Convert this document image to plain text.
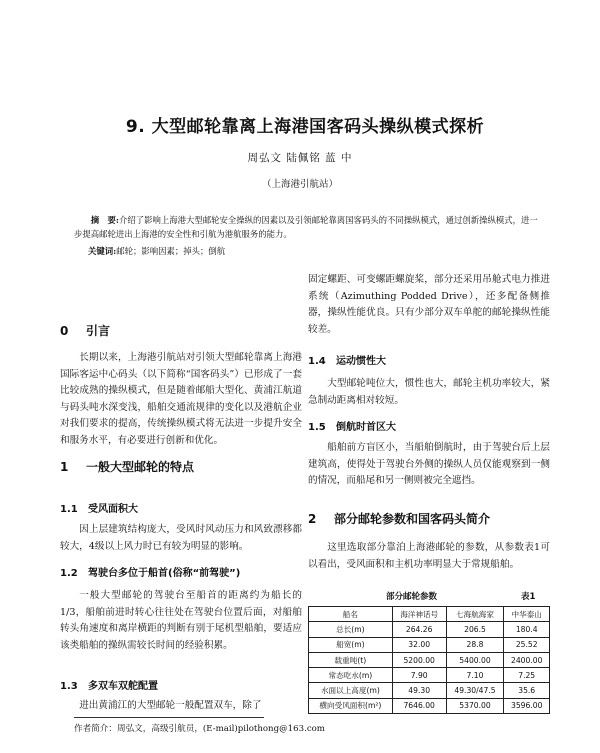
9. 大型邮轮靠离上海港国客码头操纵模式探析
周弘文 陆佩铭 蓝 中
（上海港引航站）
摘　要:介绍了影响上海港大型邮轮安全操纵的因素以及引领邮轮靠离国客码头的不同操纵模式，通过创新操纵模式，进一步提高邮轮进出上海港的安全性和引航为港航服务的能力。
关键词:邮轮；影响因素；掉头；倒航
0 引言

长期以来，上海港引航站对引领大型邮轮靠离上海港国际客运中心码头（以下简称“国客码头”）已形成了一套比较成熟的操纵模式，但是随着邮船大型化、黄浦江航道与码头吨水深变浅，船舶交通流规律的变化以及港航企业对我们要求的提高，传统操纵模式将无法进一步提升安全和服务水平，有必要进行创新和优化。

1 一般大型邮轮的特点
1.1 受风面积大

因上层建筑结构庞大，受风时风动压力和风致漂移都较大，4级以上风力时已有较为明显的影响。

1.2 驾驶台多位于船首(俗称“前驾驶”)

一般大型邮轮的驾驶台至船首的距离约为船长的1/3，船舶前进时转心往往处在驾驶台位置后面，对船舶转头角速度和离岸横距的判断有别于尾机型船舶，要适应该类船舶的操纵需较长时间的经验积累。

1.3 多双车双舵配置

进出黄浦江的大型邮轮一般配置双车，除了

固定螺距、可变螺距螺旋桨，部分还采用吊舱式电力推进系统（Azimuthing Podded Drive），还多配备侧推器，操纵性能优良。只有少部分双车单舵的邮轮操纵性能较差。

1.4 运动惯性大

大型邮轮吨位大，惯性也大，邮轮主机功率较大，紧急制动距离相对较短。

1.5 倒航时首区大

船舶前方盲区小，当船舶倒航时，由于驾驶台后上层建筑高，使得处于驾驶台外侧的操纵人员仅能观察到一侧的情况，而船尾和另一侧则被完全遮挡。

2 部分邮轮参数和国客码头简介

这里选取部分靠泊上海港邮轮的参数，从参数表1可以看出，受风面积和主机功率明显大于常规船舶。

部分邮轮参数	表1
船名	海洋神话号	七海航海家	中华泰山
总长(m)	264.26	206.5	180.4
船宽(m)	32.00	28.8	25.52
载重吨(t)	5200.00	5400.00	2400.00
常态吃水(m)	7.90	7.10	7.25
水面以上高度(m)	49.30	49.30/47.5	35.6
横向受风面积(m²)	7646.00	5370.00	3596.00
作者简介：周弘文，高级引航员，(E-mail)pilothong@163.com
